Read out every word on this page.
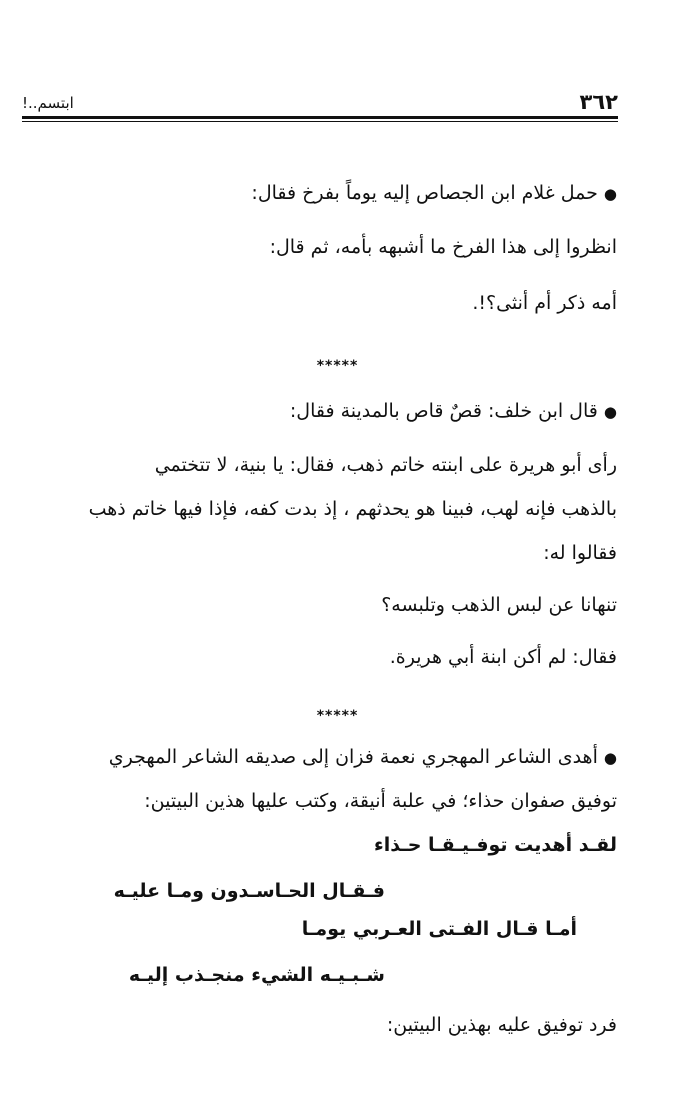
٣٦٢
ابتسم..!
● حمل غلام ابن الجصاص إليه يوماً بفرخ فقال:
انظروا إلى هذا الفرخ ما أشبهه بأمه، ثم قال:
أمه ذكر أم أنثى؟!.
*****
● قال ابن خلف: قصٌ قاص بالمدينة فقال:
رأى أبو هريرة على ابنته خاتم ذهب، فقال: يا بنية، لا تتختمي
بالذهب فإنه لهب، فبينا هو يحدثهم ، إذ بدت كفه، فإذا فيها خاتم ذهب
فقالوا له:
تنهانا عن لبس الذهب وتلبسه؟
فقال: لم أكن ابنة أبي هريرة.
*****
● أهدى الشاعر المهجري نعمة فزان إلى صديقه الشاعر المهجري
توفيق صفوان حذاء؛ في علبة أنيقة، وكتب عليها هذين البيتين:
لقـد أهديت توفـيـقـا حـذاء
فـقـال الحـاسـدون ومـا عليـه
أمـا قـال الفـتى العـربي يومـا
شـبـيـه الشيء منجـذب إليـه
فرد توفيق عليه بهذين البيتين:
